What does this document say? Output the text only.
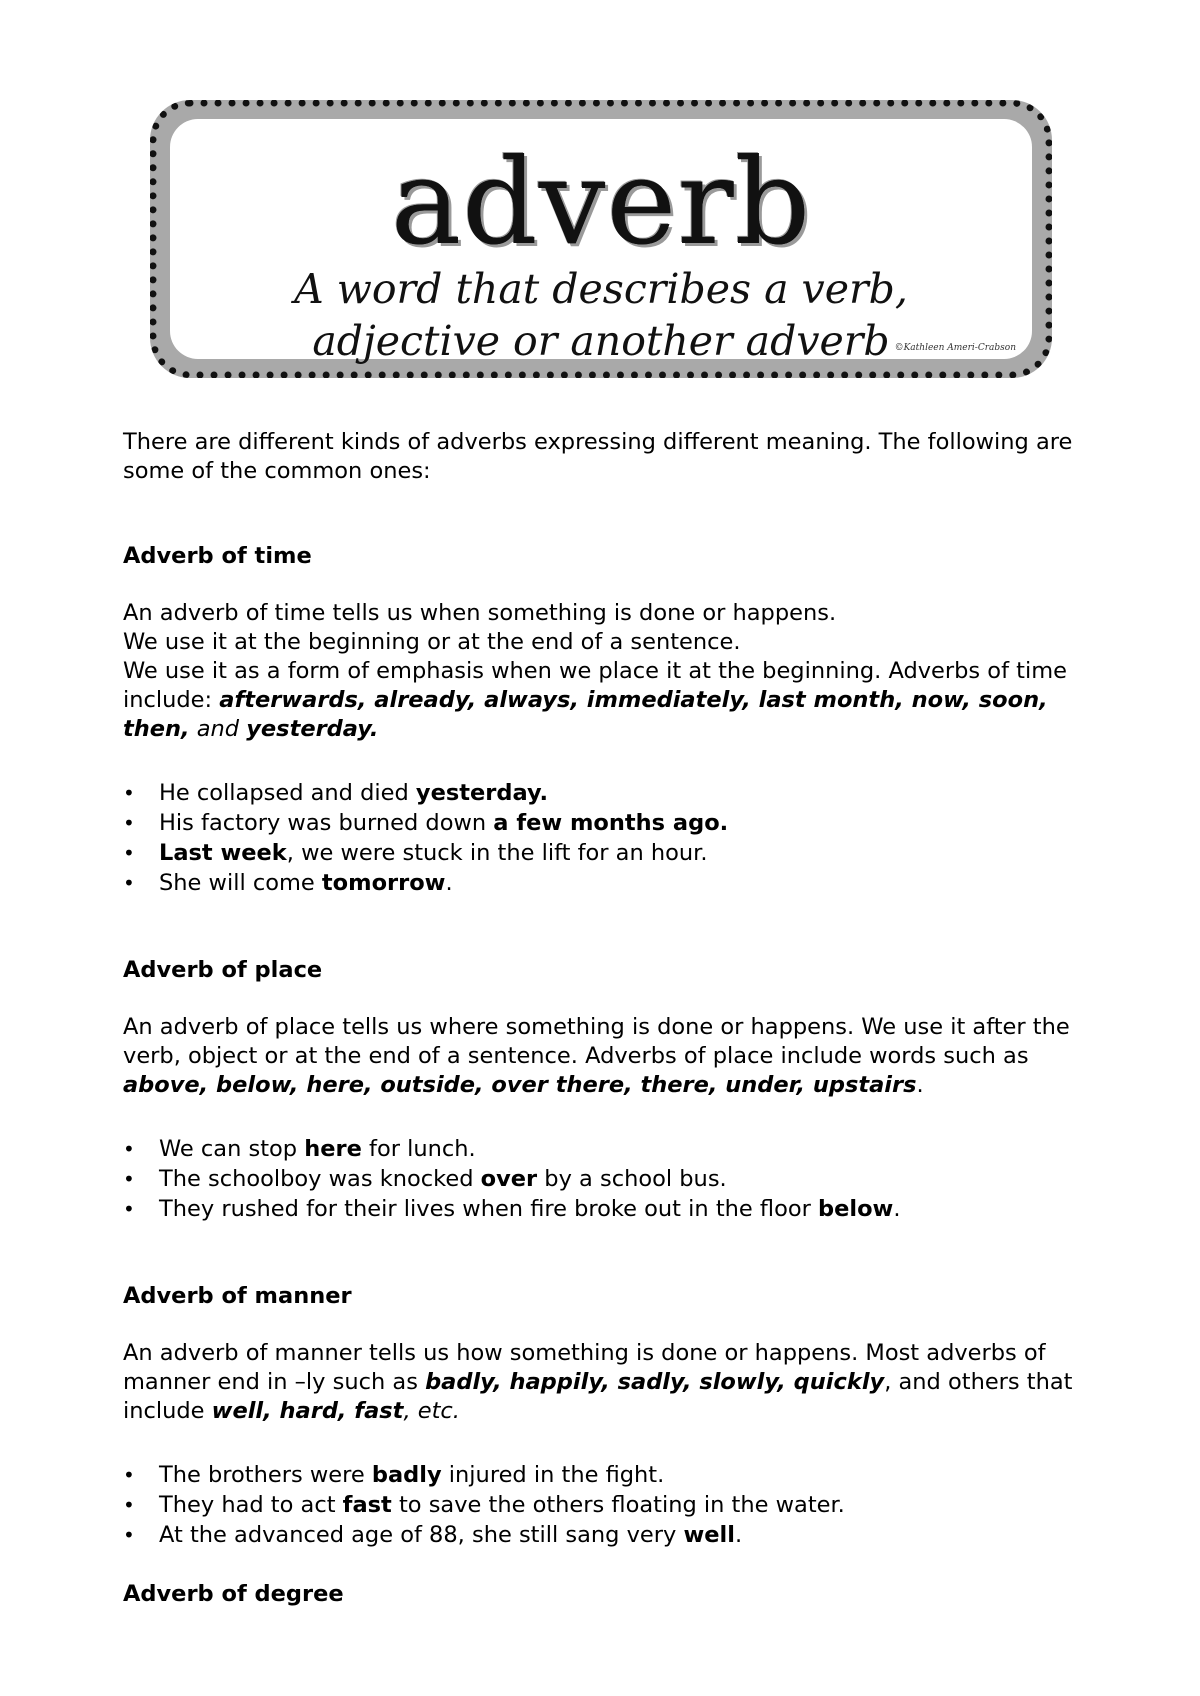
adverb
A word that describes a verb,
adjective or another adverb ©Kathleen Ameri-Crabson

There are different kinds of adverbs expressing different meaning. The following are some of the common ones:

Adverb of time

An adverb of time tells us when something is done or happens.

We use it at the beginning or at the end of a sentence.

We use it as a form of emphasis when we place it at the beginning. Adverbs of time include: afterwards, already, always, immediately, last month, now, soon, then, and yesterday.

• He collapsed and died yesterday.
• His factory was burned down a few months ago.
• Last week, we were stuck in the lift for an hour.
• She will come tomorrow.
Adverb of place

An adverb of place tells us where something is done or happens. We use it after the verb, object or at the end of a sentence. Adverbs of place include words such as above, below, here, outside, over there, there, under, upstairs.

• We can stop here for lunch.
• The schoolboy was knocked over by a school bus.
• They rushed for their lives when fire broke out in the floor below.
Adverb of manner

An adverb of manner tells us how something is done or happens. Most adverbs of manner end in –ly such as badly, happily, sadly, slowly, quickly, and others that include well, hard, fast, etc.

• The brothers were badly injured in the fight.
• They had to act fast to save the others floating in the water.
• At the advanced age of 88, she still sang very well.
Adverb of degree
